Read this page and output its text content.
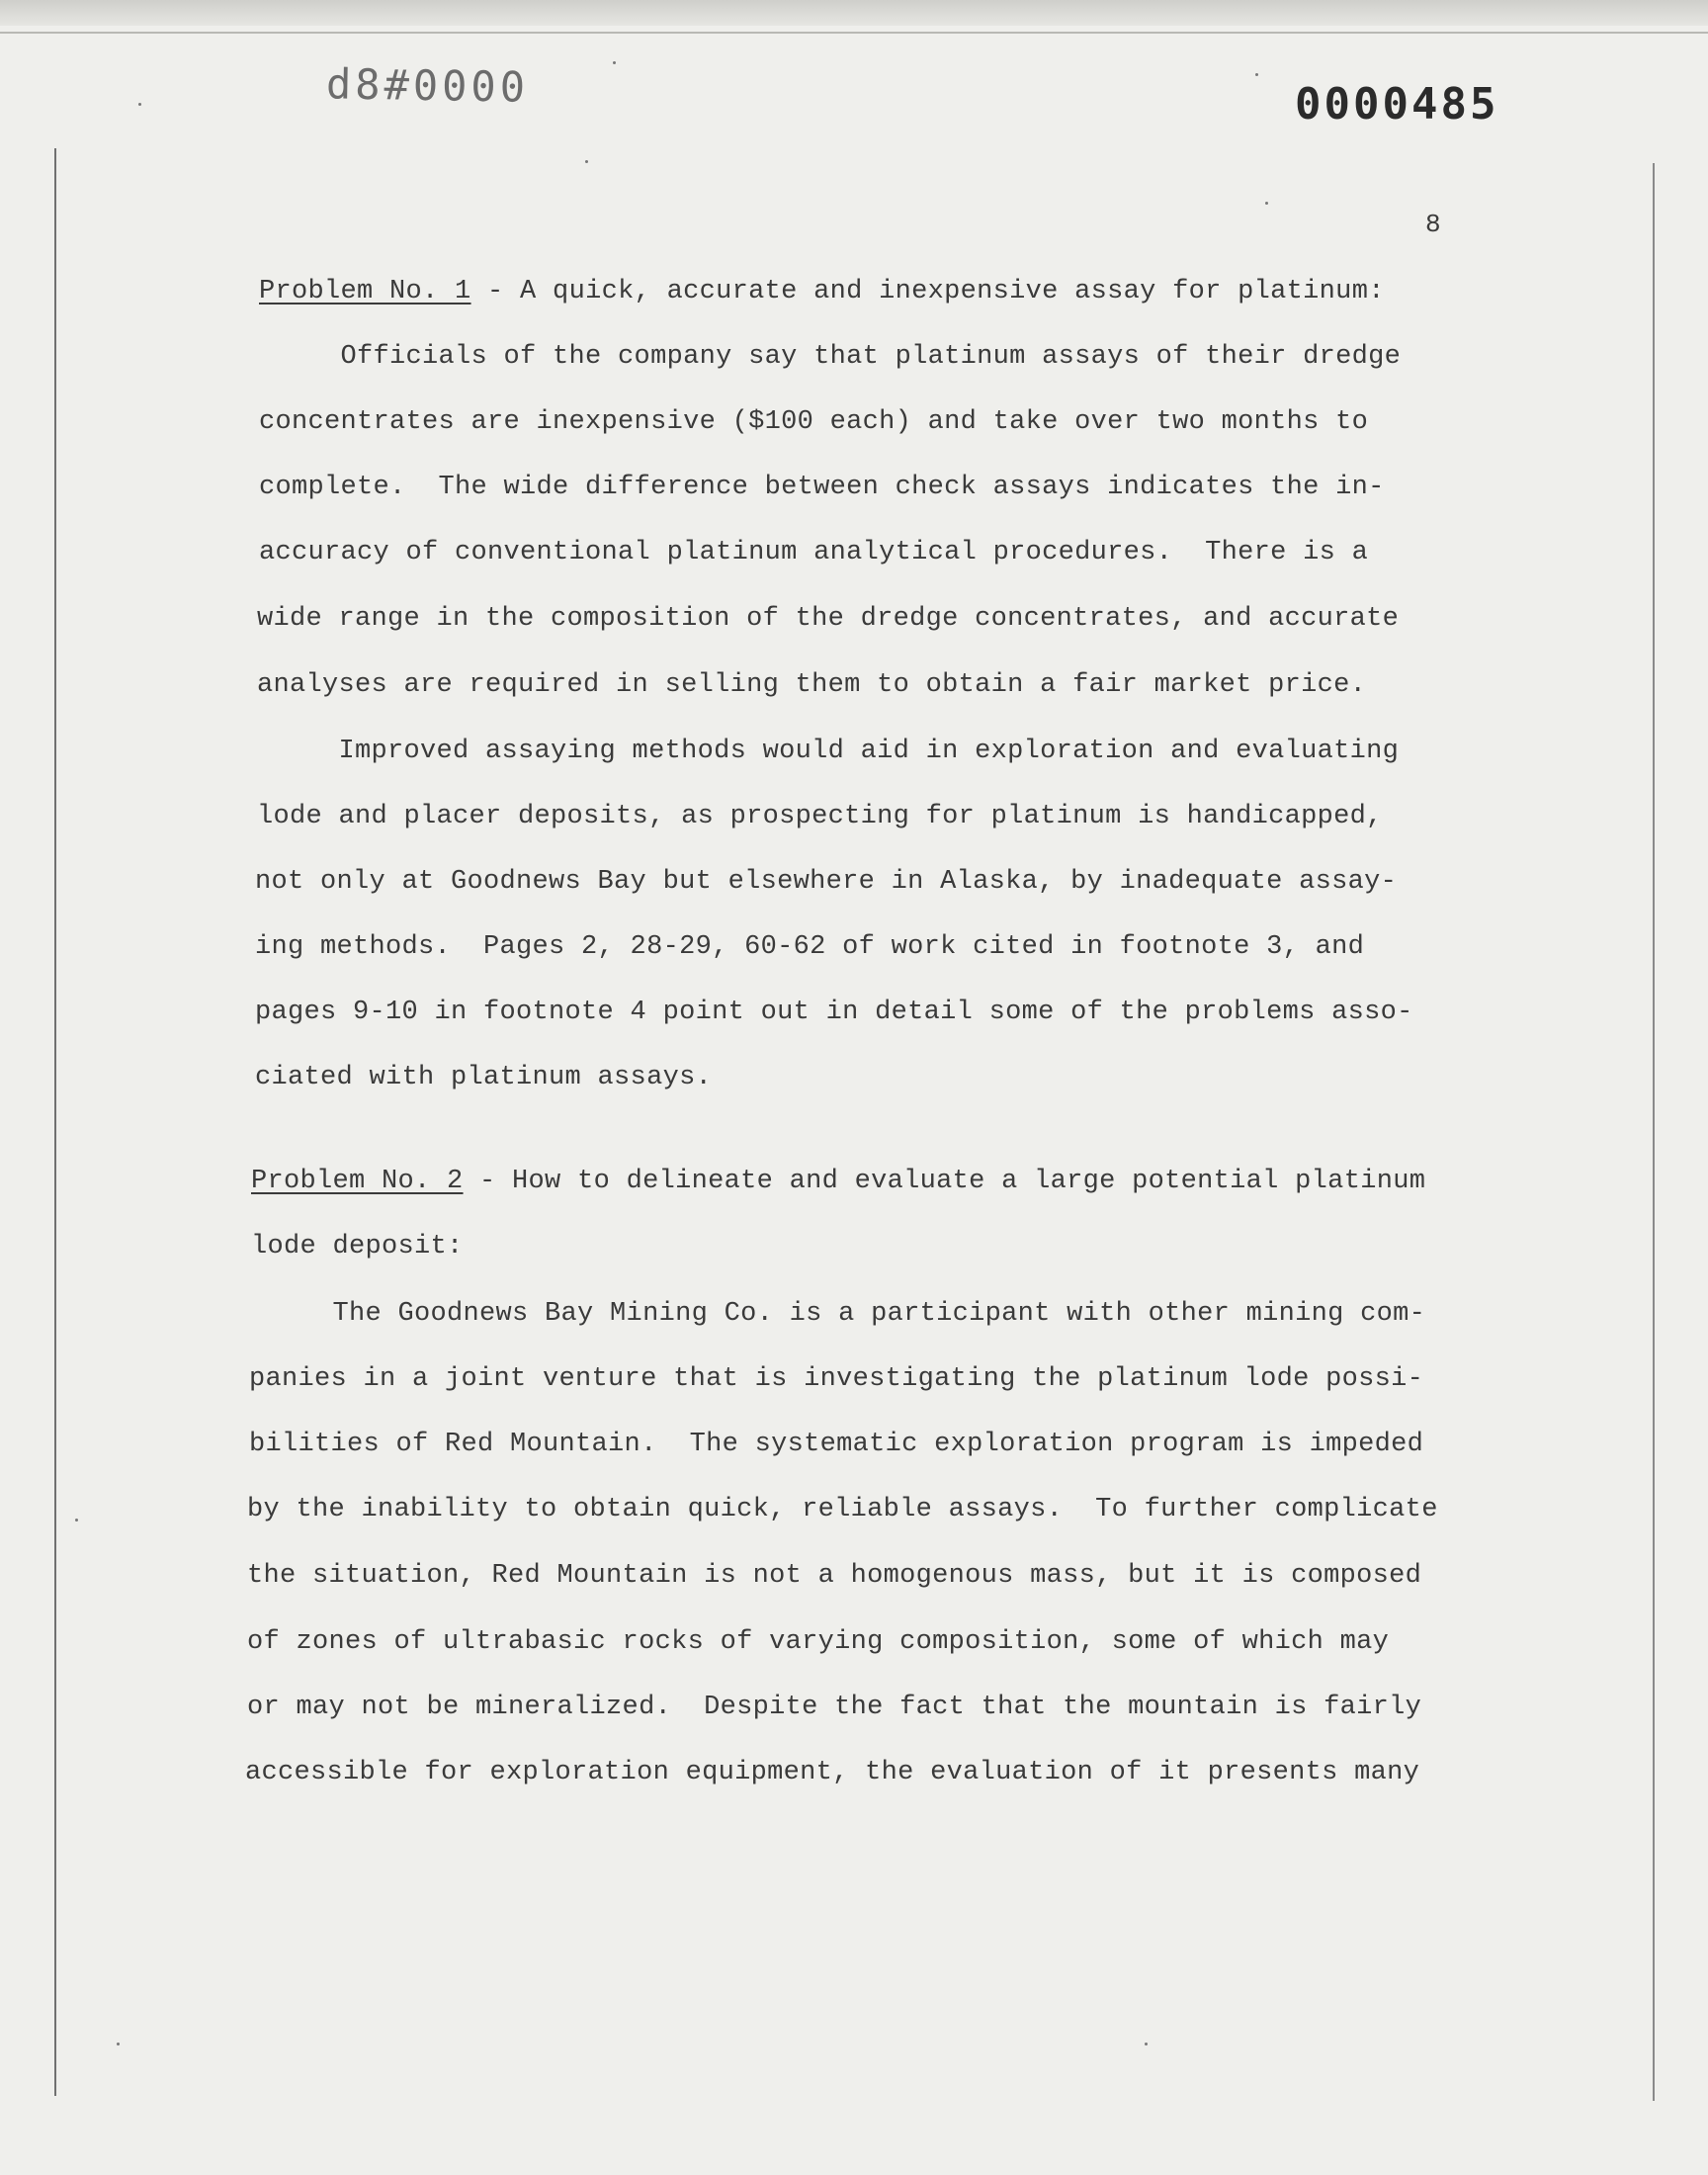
d8#0000	0000485
8
Problem No. 1 - A quick, accurate and inexpensive assay for platinum:
Officials of the company say that platinum assays of their dredge
concentrates are inexpensive ($100 each) and take over two months to
complete.  The wide difference between check assays indicates the in-
accuracy of conventional platinum analytical procedures.  There is a
wide range in the composition of the dredge concentrates, and accurate
analyses are required in selling them to obtain a fair market price.
Improved assaying methods would aid in exploration and evaluating
lode and placer deposits, as prospecting for platinum is handicapped,
not only at Goodnews Bay but elsewhere in Alaska, by inadequate assay-
ing methods.  Pages 2, 28-29, 60-62 of work cited in footnote 3, and
pages 9-10 in footnote 4 point out in detail some of the problems asso-
ciated with platinum assays.
Problem No. 2 - How to delineate and evaluate a large potential platinum
lode deposit:
The Goodnews Bay Mining Co. is a participant with other mining com-
panies in a joint venture that is investigating the platinum lode possi-
bilities of Red Mountain.  The systematic exploration program is impeded
by the inability to obtain quick, reliable assays.  To further complicate
the situation, Red Mountain is not a homogenous mass, but it is composed
of zones of ultrabasic rocks of varying composition, some of which may
or may not be mineralized.  Despite the fact that the mountain is fairly
accessible for exploration equipment, the evaluation of it presents many
